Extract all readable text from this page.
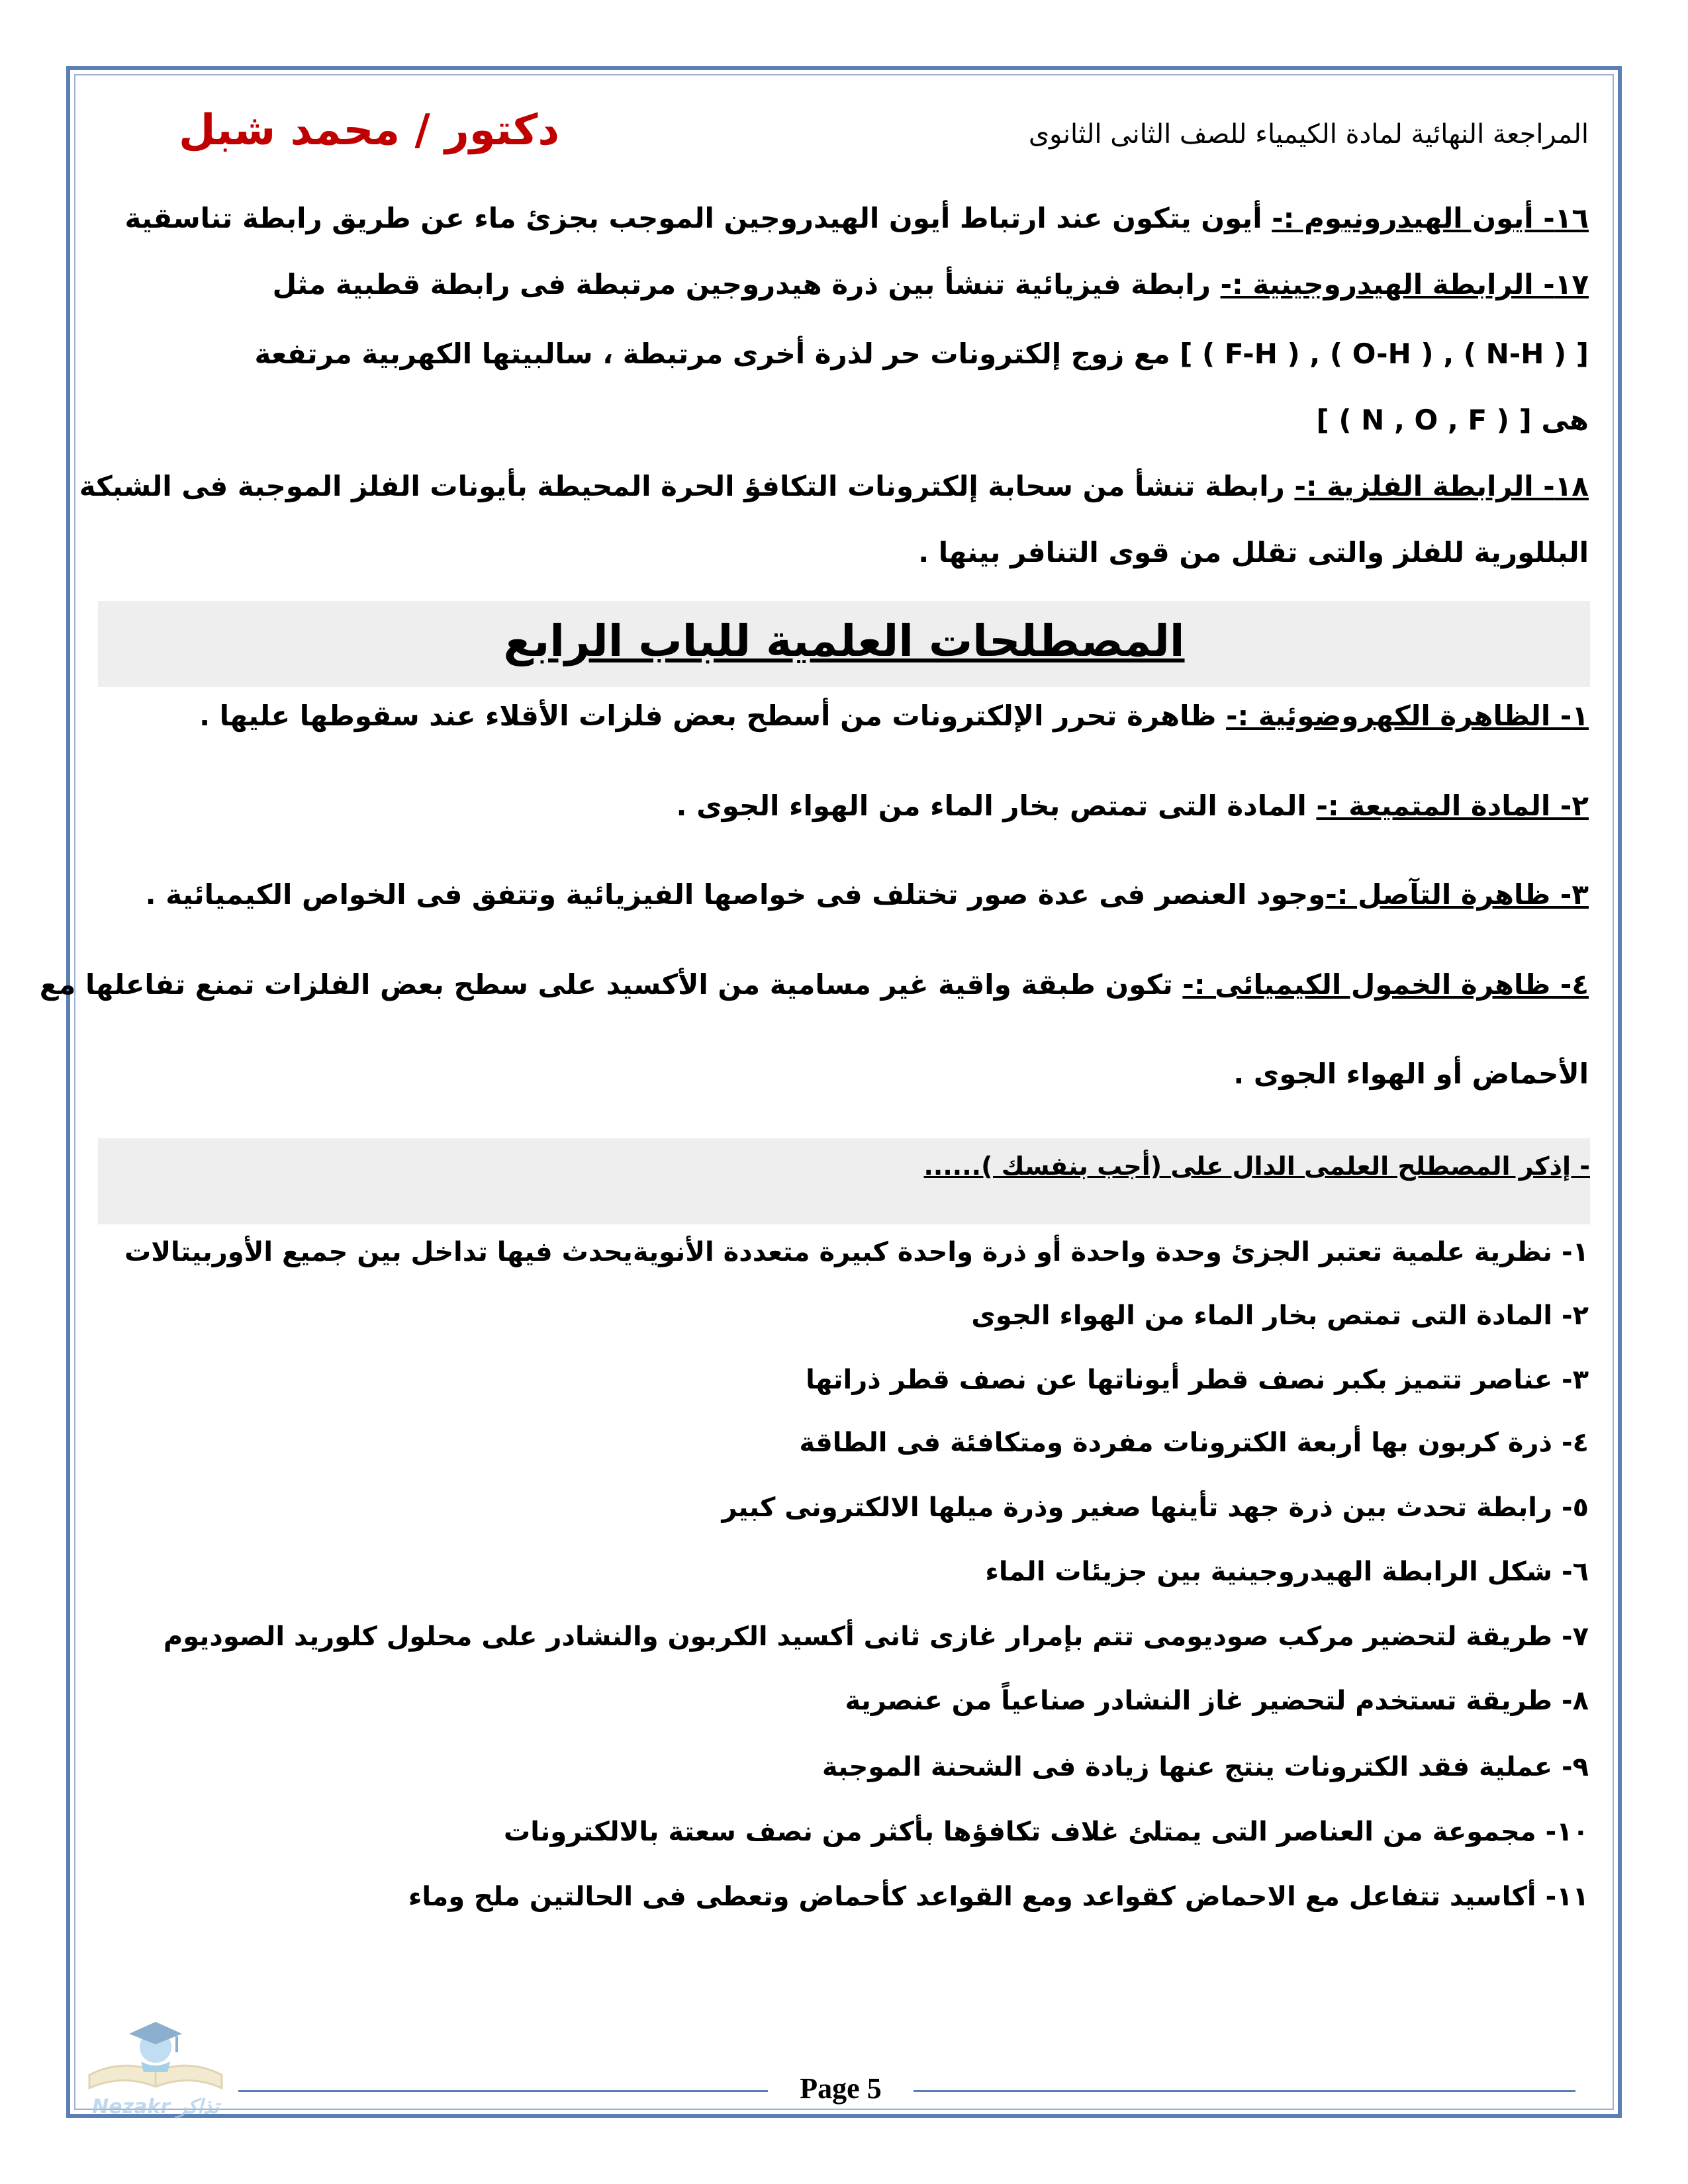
المراجعة النهائية لمادة الكيمياء للصف الثانى الثانوى
دكتور / محمد شبل
١٦- أيون الهيدرونيوم :- أيون يتكون عند ارتباط أيون الهيدروجين الموجب بجزئ ماء عن طريق رابطة تناسقية
١٧- الرابطة الهيدروجينية :- رابطة فيزيائية تنشأ بين ذرة هيدروجين مرتبطة فى رابطة قطبية مثل
[ ( N-H ) , ( O-H ) , ( F-H ) ] مع زوج إلكترونات حر لذرة أخرى مرتبطة ، سالبيتها الكهربية مرتفعة
هى [ ( N , O , F ) ]
١٨- الرابطة الفلزية :- رابطة تنشأ من سحابة إلكترونات التكافؤ الحرة المحيطة بأيونات الفلز الموجبة فى الشبكة
البللورية للفلز والتى تقلل من قوى التنافر بينها .
المصطلحات العلمية للباب الرابع
١- الظاهرة الكهروضوئية :- ظاهرة تحرر الإلكترونات من أسطح بعض فلزات الأقلاء عند سقوطها عليها .
٢- المادة المتميعة :- المادة التى تمتص بخار الماء من الهواء الجوى .
٣- ظاهرة التآصل :-وجود العنصر فى عدة صور تختلف فى خواصها الفيزيائية وتتفق فى الخواص الكيميائية .
٤- ظاهرة الخمول الكيميائى :- تكون طبقة واقية غير مسامية من الأكسيد على سطح بعض الفلزات تمنع تفاعلها مع
الأحماض أو الهواء الجوى .
- إذكر المصطلح العلمى الدال على (أجب بنفسك )......
١- نظرية علمية تعتبر الجزئ وحدة واحدة أو ذرة واحدة كبيرة متعددة الأنويةيحدث فيها تداخل بين جميع الأوربيتالات
٢- المادة التى تمتص بخار الماء من الهواء الجوى
٣- عناصر تتميز بكبر نصف قطر أيوناتها عن نصف قطر ذراتها
٤- ذرة كربون بها أربعة الكترونات مفردة ومتكافئة فى الطاقة
٥- رابطة تحدث بين ذرة جهد تأينها صغير وذرة ميلها الالكترونى كبير
٦- شكل الرابطة الهيدروجينية بين جزيئات الماء
٧- طريقة لتحضير مركب صوديومى تتم بإمرار غازى ثانى أكسيد الكربون والنشادر على محلول كلوريد الصوديوم
٨- طريقة تستخدم لتحضير غاز النشادر صناعياً من عنصرية
٩- عملية فقد الكترونات ينتج عنها زيادة فى الشحنة الموجبة
١٠- مجموعة من العناصر التى يمتلئ غلاف تكافؤها بأكثر من نصف سعتة بالالكترونات
١١- أكاسيد تتفاعل مع الاحماض كقواعد ومع القواعد كأحماض وتعطى فى الحالتين ملح وماء
Page 5
Nezakr تذاكر
